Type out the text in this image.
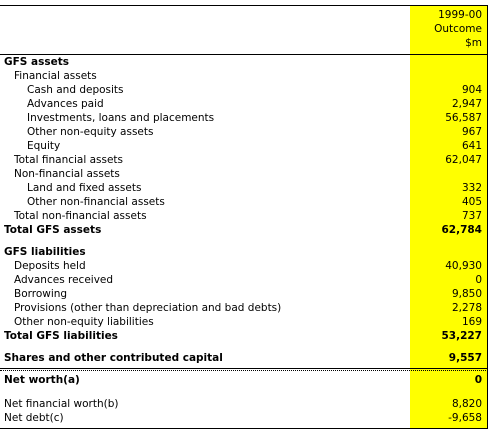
1999-00
Outcome
$m
GFS assets
Financial assets
Cash and deposits	904
Advances paid	2,947
Investments, loans and placements	56,587
Other non-equity assets	967
Equity	641
Total financial assets	62,047
Non-financial assets
Land and fixed assets	332
Other non-financial assets	405
Total non-financial assets	737
Total GFS assets	62,784
GFS liabilities
Deposits held	40,930
Advances received	0
Borrowing	9,850
Provisions (other than depreciation and bad debts)	2,278
Other non-equity liabilities	169
Total GFS liabilities	53,227
Shares and other contributed capital	9,557
Net worth(a)	0
Net financial worth(b)	8,820
Net debt(c)	-9,658
